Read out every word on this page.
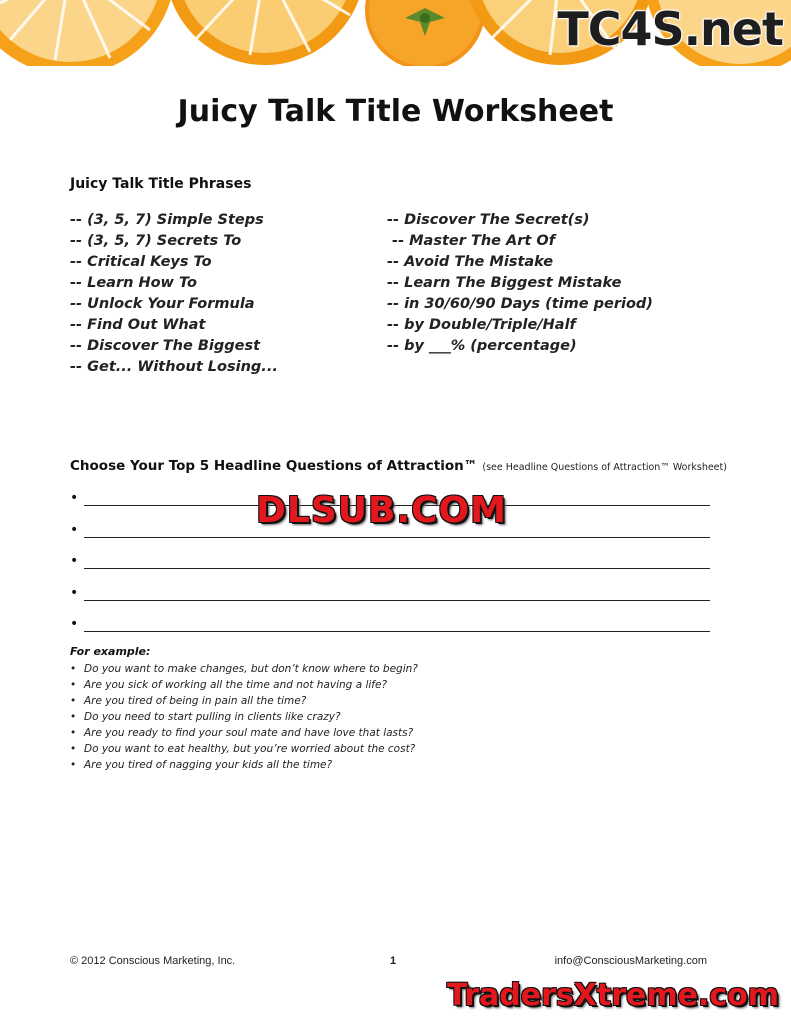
TC4S.net
Juicy Talk Title Worksheet
Juicy Talk Title Phrases
-- (3, 5, 7) Simple Steps
-- (3, 5, 7) Secrets To
-- Critical Keys To
-- Learn How To
-- Unlock Your Formula
-- Find Out What
-- Discover The Biggest
-- Get... Without Losing...
-- Discover The Secret(s)
-- Master The Art Of
-- Avoid The Mistake
-- Learn The Biggest Mistake
-- in 30/60/90 Days (time period)
-- by Double/Triple/Half
-- by ___% (percentage)
Choose Your Top 5 Headline Questions of Attraction™ (see Headline Questions of Attraction™ Worksheet)
•
•
•
•
•
DLSUB.COM
For example:
• Do you want to make changes, but don’t know where to begin?
• Are you sick of working all the time and not having a life?
• Are you tired of being in pain all the time?
• Do you need to start pulling in clients like crazy?
• Are you ready to find your soul mate and have love that lasts?
• Do you want to eat healthy, but you’re worried about the cost?
• Are you tired of nagging your kids all the time?
© 2012 Conscious Marketing, Inc.	1	info@ConsciousMarketing.com
TradersXtreme.com
